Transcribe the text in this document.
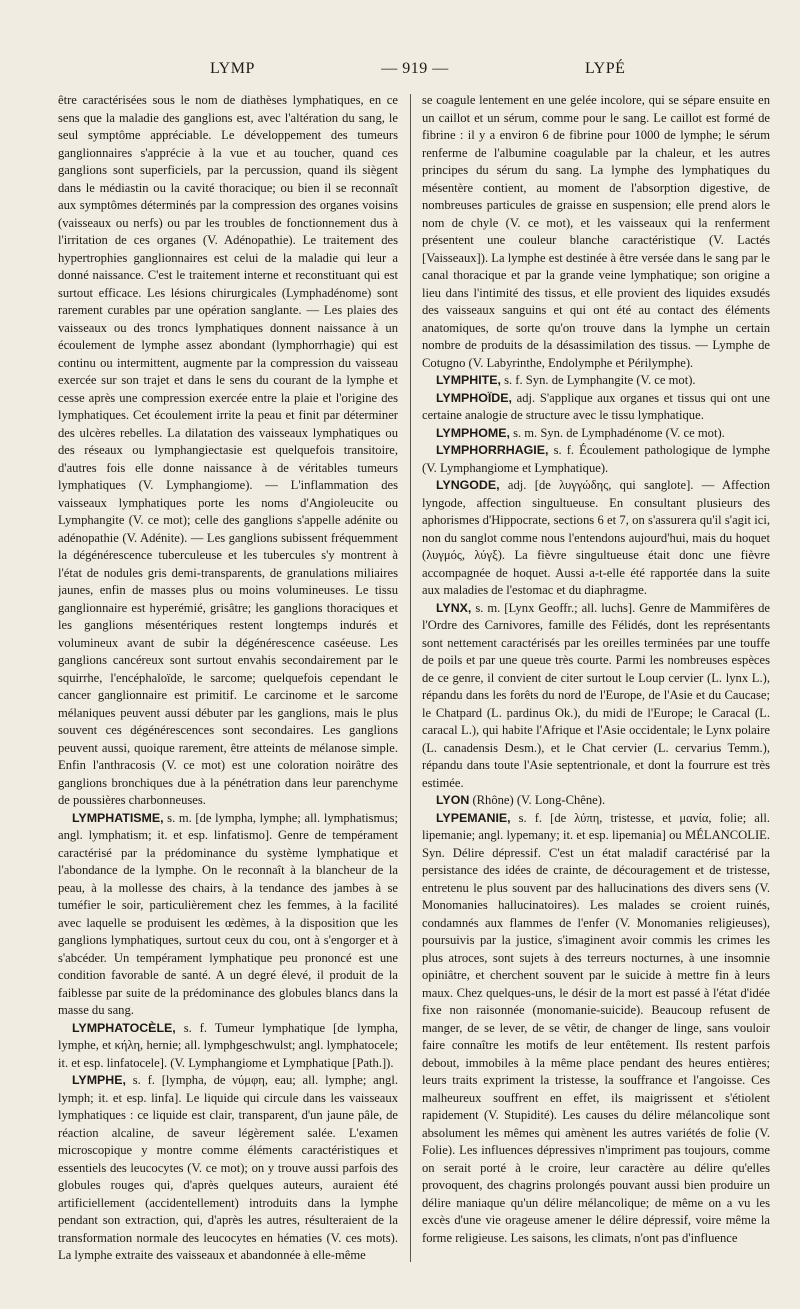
LYMP	— 919 —	LYPÉ

être caractérisées sous le nom de diathèses lymphatiques, en ce sens que la maladie des ganglions est, avec l'altération du sang, le seul symptôme appréciable. Le développement des tumeurs ganglionnaires s'apprécie à la vue et au toucher, quand ces ganglions sont superficiels, par la percussion, quand ils siègent dans le médiastin ou la cavité thoracique; ou bien il se reconnaît aux symptômes déterminés par la compression des organes voisins (vaisseaux ou nerfs) ou par les troubles de fonctionnement dus à l'irritation de ces organes (V. Adénopathie). Le traitement des hypertrophies ganglionnaires est celui de la maladie qui leur a donné naissance. C'est le traitement interne et reconstituant qui est surtout efficace. Les lésions chirurgicales (Lymphadénome) sont rarement curables par une opération sanglante. — Les plaies des vaisseaux ou des troncs lymphatiques donnent naissance à un écoulement de lymphe assez abondant (lymphorrhagie) qui est continu ou intermittent, augmente par la compression du vaisseau exercée sur son trajet et dans le sens du courant de la lymphe et cesse après une compression exercée entre la plaie et l'origine des lymphatiques. Cet écoulement irrite la peau et finit par déterminer des ulcères rebelles. La dilatation des vaisseaux lymphatiques ou des réseaux ou lymphangiectasie est quelquefois transitoire, d'autres fois elle donne naissance à de véritables tumeurs lymphatiques (V. Lymphangiome). — L'inflammation des vaisseaux lymphatiques porte les noms d'Angioleucite ou Lymphangite (V. ce mot); celle des ganglions s'appelle adénite ou adénopathie (V. Adénite). — Les ganglions subissent fréquemment la dégénérescence tuberculeuse et les tubercules s'y montrent à l'état de nodules gris demi-transparents, de granulations miliaires jaunes, enfin de masses plus ou moins volumineuses. Le tissu ganglionnaire est hyperémié, grisâtre; les ganglions thoraciques et les ganglions mésentériques restent longtemps indurés et volumineux avant de subir la dégénérescence caséeuse. Les ganglions cancéreux sont surtout envahis secondairement par le squirrhe, l'encéphaloïde, le sarcome; quelquefois cependant le cancer ganglionnaire est primitif. Le carcinome et le sarcome mélaniques peuvent aussi débuter par les ganglions, mais le plus souvent ces dégénérescences sont secondaires. Les ganglions peuvent aussi, quoique rarement, être atteints de mélanose simple. Enfin l'anthracosis (V. ce mot) est une coloration noirâtre des ganglions bronchiques due à la pénétration dans leur parenchyme de poussières charbonneuses.

LYMPHATISME, s. m. [de lympha, lymphe; all. lymphatismus; angl. lymphatism; it. et esp. linfatismo]. Genre de tempérament caractérisé par la prédominance du système lymphatique et l'abondance de la lymphe. On le reconnaît à la blancheur de la peau, à la mollesse des chairs, à la tendance des jambes à se tuméfier le soir, particulièrement chez les femmes, à la facilité avec laquelle se produisent les œdèmes, à la disposition que les ganglions lymphatiques, surtout ceux du cou, ont à s'engorger et à s'abcéder. Un tempérament lymphatique peu prononcé est une condition favorable de santé. A un degré élevé, il produit de la faiblesse par suite de la prédominance des globules blancs dans la masse du sang.

LYMPHATOCÈLE, s. f. Tumeur lymphatique [de lympha, lymphe, et κήλη, hernie; all. lymphgeschwulst; angl. lymphatocele; it. et esp. linfatocele]. (V. Lymphangiome et Lymphatique [Path.]).

LYMPHE, s. f. [lympha, de νύμφη, eau; all. lymphe; angl. lymph; it. et esp. linfa]. Le liquide qui circule dans les vaisseaux lymphatiques : ce liquide est clair, transparent, d'un jaune pâle, de réaction alcaline, de saveur légèrement salée. L'examen microscopique y montre comme éléments caractéristiques et essentiels des leucocytes (V. ce mot); on y trouve aussi parfois des globules rouges qui, d'après quelques auteurs, auraient été artificiellement (accidentellement) introduits dans la lymphe pendant son extraction, qui, d'après les autres, résulteraient de la transformation normale des leucocytes en hématies (V. ces mots). La lymphe extraite des vaisseaux et abandonnée à elle-même

se coagule lentement en une gelée incolore, qui se sépare ensuite en un caillot et un sérum, comme pour le sang. Le caillot est formé de fibrine : il y a environ 6 de fibrine pour 1000 de lymphe; le sérum renferme de l'albumine coagulable par la chaleur, et les autres principes du sérum du sang. La lymphe des lymphatiques du mésentère contient, au moment de l'absorption digestive, de nombreuses particules de graisse en suspension; elle prend alors le nom de chyle (V. ce mot), et les vaisseaux qui la renferment présentent une couleur blanche caractéristique (V. Lactés [Vaisseaux]). La lymphe est destinée à être versée dans le sang par le canal thoracique et par la grande veine lymphatique; son origine a lieu dans l'intimité des tissus, et elle provient des liquides exsudés des vaisseaux sanguins et qui ont été au contact des éléments anatomiques, de sorte qu'on trouve dans la lymphe un certain nombre de produits de la désassimilation des tissus. — Lymphe de Cotugno (V. Labyrinthe, Endolymphe et Périlymphe).

LYMPHITE, s. f. Syn. de Lymphangite (V. ce mot).

LYMPHOÏDE, adj. S'applique aux organes et tissus qui ont une certaine analogie de structure avec le tissu lymphatique.

LYMPHOME, s. m. Syn. de Lymphadénome (V. ce mot).

LYMPHORRHAGIE, s. f. Écoulement pathologique de lymphe (V. Lymphangiome et Lymphatique).

LYNGODE, adj. [de λυγγώδης, qui sanglote]. — Affection lyngode, affection singultueuse. En consultant plusieurs des aphorismes d'Hippocrate, sections 6 et 7, on s'assurera qu'il s'agit ici, non du sanglot comme nous l'entendons aujourd'hui, mais du hoquet (λυγμός, λύγξ). La fièvre singultueuse était donc une fièvre accompagnée de hoquet. Aussi a-t-elle été rapportée dans la suite aux maladies de l'estomac et du diaphragme.

LYNX, s. m. [Lynx Geoffr.; all. luchs]. Genre de Mammifères de l'Ordre des Carnivores, famille des Félidés, dont les représentants sont nettement caractérisés par les oreilles terminées par une touffe de poils et par une queue très courte. Parmi les nombreuses espèces de ce genre, il convient de citer surtout le Loup cervier (L. lynx L.), répandu dans les forêts du nord de l'Europe, de l'Asie et du Caucase; le Chatpard (L. pardinus Ok.), du midi de l'Europe; le Caracal (L. caracal L.), qui habite l'Afrique et l'Asie occidentale; le Lynx polaire (L. canadensis Desm.), et le Chat cervier (L. cervarius Temm.), répandu dans toute l'Asie septentrionale, et dont la fourrure est très estimée.

LYON (Rhône) (V. Long-Chêne).

LYPEMANIE, s. f. [de λύπη, tristesse, et μανία, folie; all. lipemanie; angl. lypemany; it. et esp. lipemania] ou MÉLANCOLIE. Syn. Délire dépressif. C'est un état maladif caractérisé par la persistance des idées de crainte, de découragement et de tristesse, entretenu le plus souvent par des hallucinations des divers sens (V. Monomanies hallucinatoires). Les malades se croient ruinés, condamnés aux flammes de l'enfer (V. Monomanies religieuses), poursuivis par la justice, s'imaginent avoir commis les crimes les plus atroces, sont sujets à des terreurs nocturnes, à une insomnie opiniâtre, et cherchent souvent par le suicide à mettre fin à leurs maux. Chez quelques-uns, le désir de la mort est passé à l'état d'idée fixe non raisonnée (monomanie-suicide). Beaucoup refusent de manger, de se lever, de se vêtir, de changer de linge, sans vouloir faire connaître les motifs de leur entêtement. Ils restent parfois debout, immobiles à la même place pendant des heures entières; leurs traits expriment la tristesse, la souffrance et l'angoisse. Ces malheureux souffrent en effet, ils maigrissent et s'étiolent rapidement (V. Stupidité). Les causes du délire mélancolique sont absolument les mêmes qui amènent les autres variétés de folie (V. Folie). Les influences dépressives n'impriment pas toujours, comme on serait porté à le croire, leur caractère au délire qu'elles provoquent, des chagrins prolongés pouvant aussi bien produire un délire maniaque qu'un délire mélancolique; de même on a vu les excès d'une vie orageuse amener le délire dépressif, voire même la forme religieuse. Les saisons, les climats, n'ont pas d'influence
